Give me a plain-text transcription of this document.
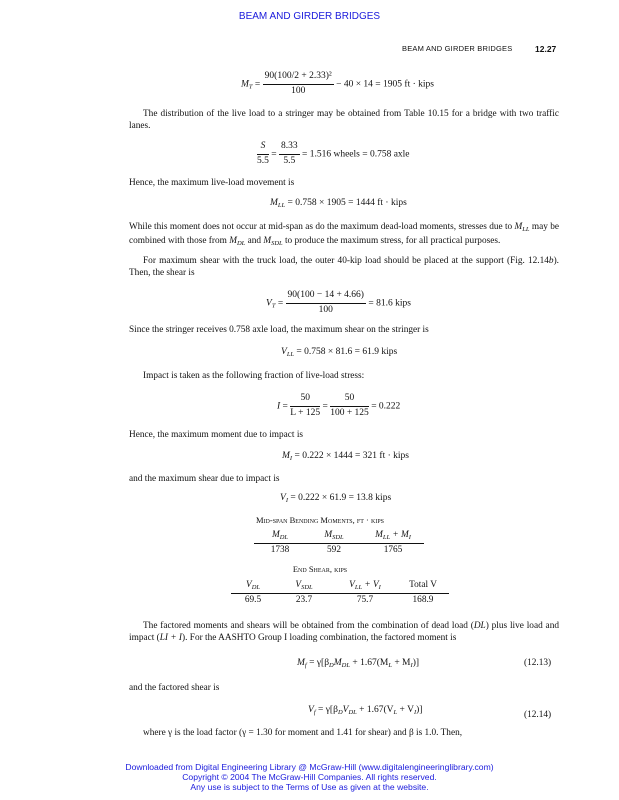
BEAM AND GIRDER BRIDGES
BEAM AND GIRDER BRIDGES	12.27
$M_T = \frac{\text{90(100/2 + 2.33)²}}{100} - 40 \times 14 = 1905$ ft · kips
The distribution of the live load to a stringer may be obtained from Table 10.15 for a bridge with two traffic lanes.
$\frac{S}{5.5} = \frac{8.33}{5.5} = 1.516$ wheels = 0.758 axle
Hence, the maximum live-load movement is
$M_{LL} = 0.758 \times 1905 = 1444$ ft · kips
While this moment does not occur at mid-span as do the maximum dead-load moments, stresses due to $M_{LL}$ may be combined with those from $M_{DL}$ and $M_{SDL}$ to produce the maximum stress, for all practical purposes.
For maximum shear with the truck load, the outer 40-kip load should be placed at the support (Fig. 12.14b). Then, the shear is
$V_T = \frac{90(100 - 14 + 4.66)}{100} = 81.6$ kips
Since the stringer receives 0.758 axle load, the maximum shear on the stringer is
$V_{LL} = 0.758 \times 81.6 = 61.9$ kips
Impact is taken as the following fraction of live-load stress:
$I = \frac{50}{L + 125} = \frac{50}{100 + 125} = 0.222$
Hence, the maximum moment due to impact is
$M_I = 0.222 \times 1444 = 321$ ft · kips
and the maximum shear due to impact is
$V_I = 0.222 \times 61.9 = 13.8$ kips
Mid-span Bending Moments, ft · kips
$M_{DL}$	$M_{SDL}$	$M_{LL} + M_I$
1738	592	1765
End Shear, kips
$V_{DL}$	$V_{SDL}$	$V_{LL} + V_I$	Total V
69.5	23.7	75.7	168.9
The factored moments and shears will be obtained from the combination of dead load (DL) plus live load and impact (LI + I). For the AASHTO Group I loading combination, the factored moment is
$M_f = \gamma[\beta_DM_{DL} + 1.67(M_L + M_I)]$	(12.13)
and the factored shear is
$V_f = \gamma[\beta_DV_{DL} + 1.67(V_L + V_I)]$	(12.14)
where γ is the load factor (γ = 1.30 for moment and 1.41 for shear) and β is 1.0. Then,
Downloaded from Digital Engineering Library @ McGraw-Hill (www.digitalengineeringlibrary.com)
Copyright © 2004 The McGraw-Hill Companies. All rights reserved.
Any use is subject to the Terms of Use as given at the website.
